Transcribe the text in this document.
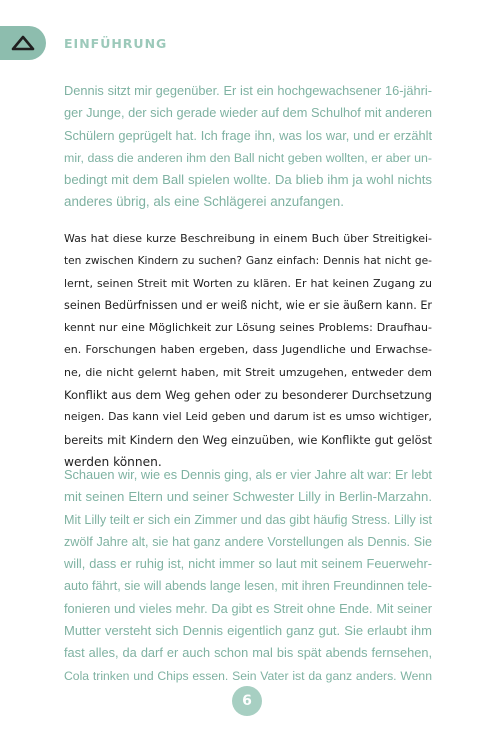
EINFÜHRUNG

Dennis sitzt mir gegenüber. Er ist ein hochgewachsener 16-jähri-
ger Junge, der sich gerade wieder auf dem Schulhof mit anderen
Schülern geprügelt hat. Ich frage ihn, was los war, und er erzählt
mir, dass die anderen ihm den Ball nicht geben wollten, er aber un-
bedingt mit dem Ball spielen wollte. Da blieb ihm ja wohl nichts
anderes übrig, als eine Schlägerei anzufangen.

Was hat diese kurze Beschreibung in einem Buch über Streitigkei-
ten zwischen Kindern zu suchen? Ganz einfach: Dennis hat nicht ge-
lernt, seinen Streit mit Worten zu klären. Er hat keinen Zugang zu
seinen Bedürfnissen und er weiß nicht, wie er sie äußern kann. Er
kennt nur eine Möglichkeit zur Lösung seines Problems: Draufhau-
en. Forschungen haben ergeben, dass Jugendliche und Erwachse-
ne, die nicht gelernt haben, mit Streit umzugehen, entweder dem
Konflikt aus dem Weg gehen oder zu besonderer Durchsetzung
neigen. Das kann viel Leid geben und darum ist es umso wichtiger,
bereits mit Kindern den Weg einzuüben, wie Konflikte gut gelöst
werden können.

Schauen wir, wie es Dennis ging, als er vier Jahre alt war: Er lebt
mit seinen Eltern und seiner Schwester Lilly in Berlin-Marzahn.
Mit Lilly teilt er sich ein Zimmer und das gibt häufig Stress. Lilly ist
zwölf Jahre alt, sie hat ganz andere Vorstellungen als Dennis. Sie
will, dass er ruhig ist, nicht immer so laut mit seinem Feuerwehr-
auto fährt, sie will abends lange lesen, mit ihren Freundinnen tele-
fonieren und vieles mehr. Da gibt es Streit ohne Ende. Mit seiner
Mutter versteht sich Dennis eigentlich ganz gut. Sie erlaubt ihm
fast alles, da darf er auch schon mal bis spät abends fernsehen,
Cola trinken und Chips essen. Sein Vater ist da ganz anders. Wenn

6
